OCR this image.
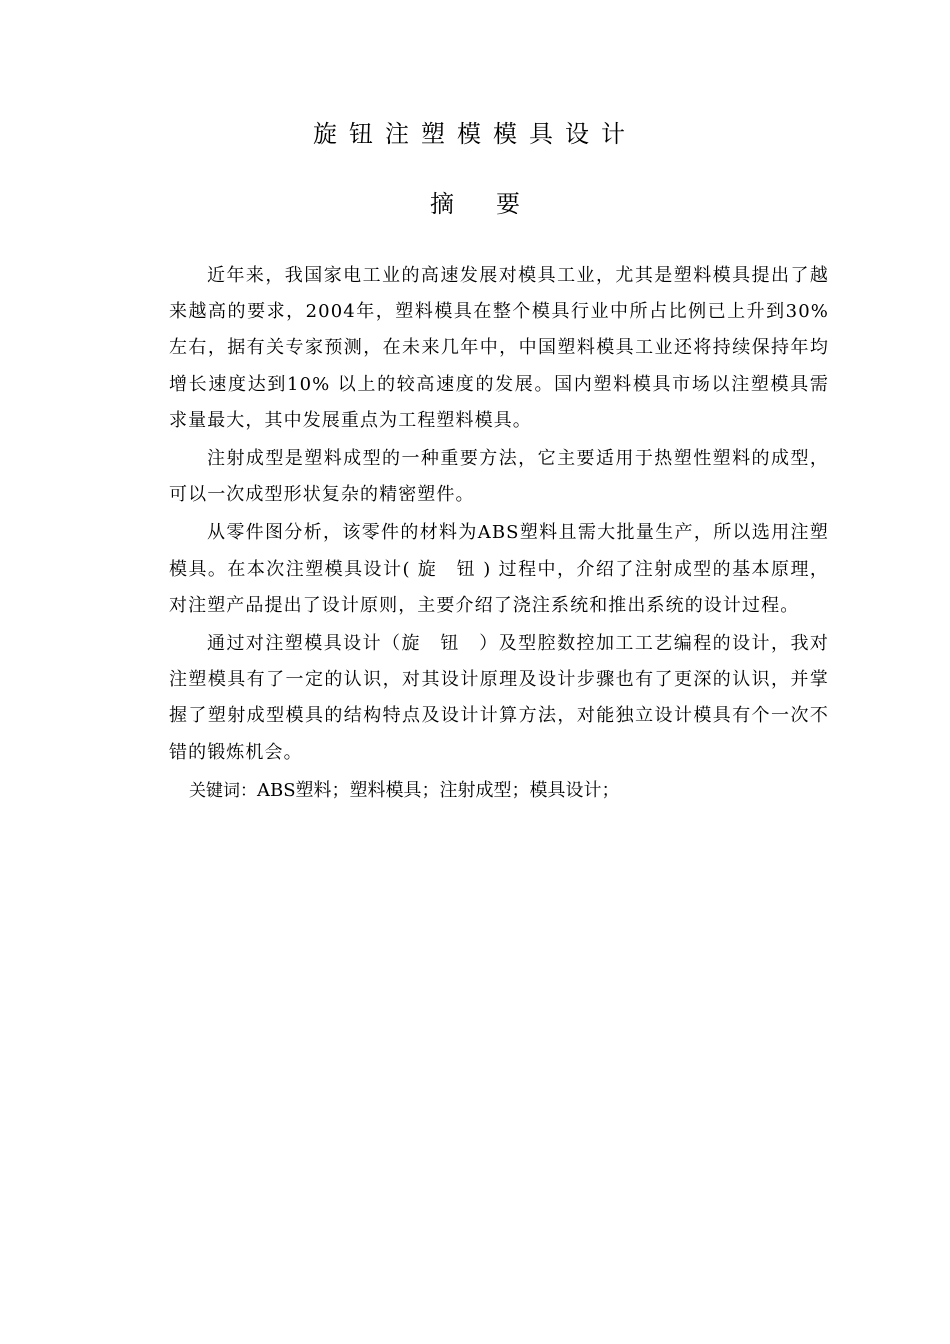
旋钮注塑模模具设计
摘 要

近年来，我国家电工业的高速发展对模具工业，尤其是塑料模具提出了越来越高的要求，2004年，塑料模具在整个模具行业中所占比例已上升到30% 左右，据有关专家预测，在未来几年中，中国塑料模具工业还将持续保持年均增长速度达到10% 以上的较高速度的发展。国内塑料模具市场以注塑模具需求量最大，其中发展重点为工程塑料模具。

注射成型是塑料成型的一种重要方法，它主要适用于热塑性塑料的成型，可以一次成型形状复杂的精密塑件。

从零件图分析，该零件的材料为ABS塑料且需大批量生产，所以选用注塑模具。在本次注塑模具设计( 旋　钮 ) 过程中，介绍了注射成型的基本原理，对注塑产品提出了设计原则，主要介绍了浇注系统和推出系统的设计过程。

通过对注塑模具设计（旋　钮　）及型腔数控加工工艺编程的设计，我对注塑模具有了一定的认识，对其设计原理及设计步骤也有了更深的认识，并掌握了塑射成型模具的结构特点及设计计算方法，对能独立设计模具有个一次不错的锻炼机会。

关键词：ABS塑料；塑料模具；注射成型；模具设计；
